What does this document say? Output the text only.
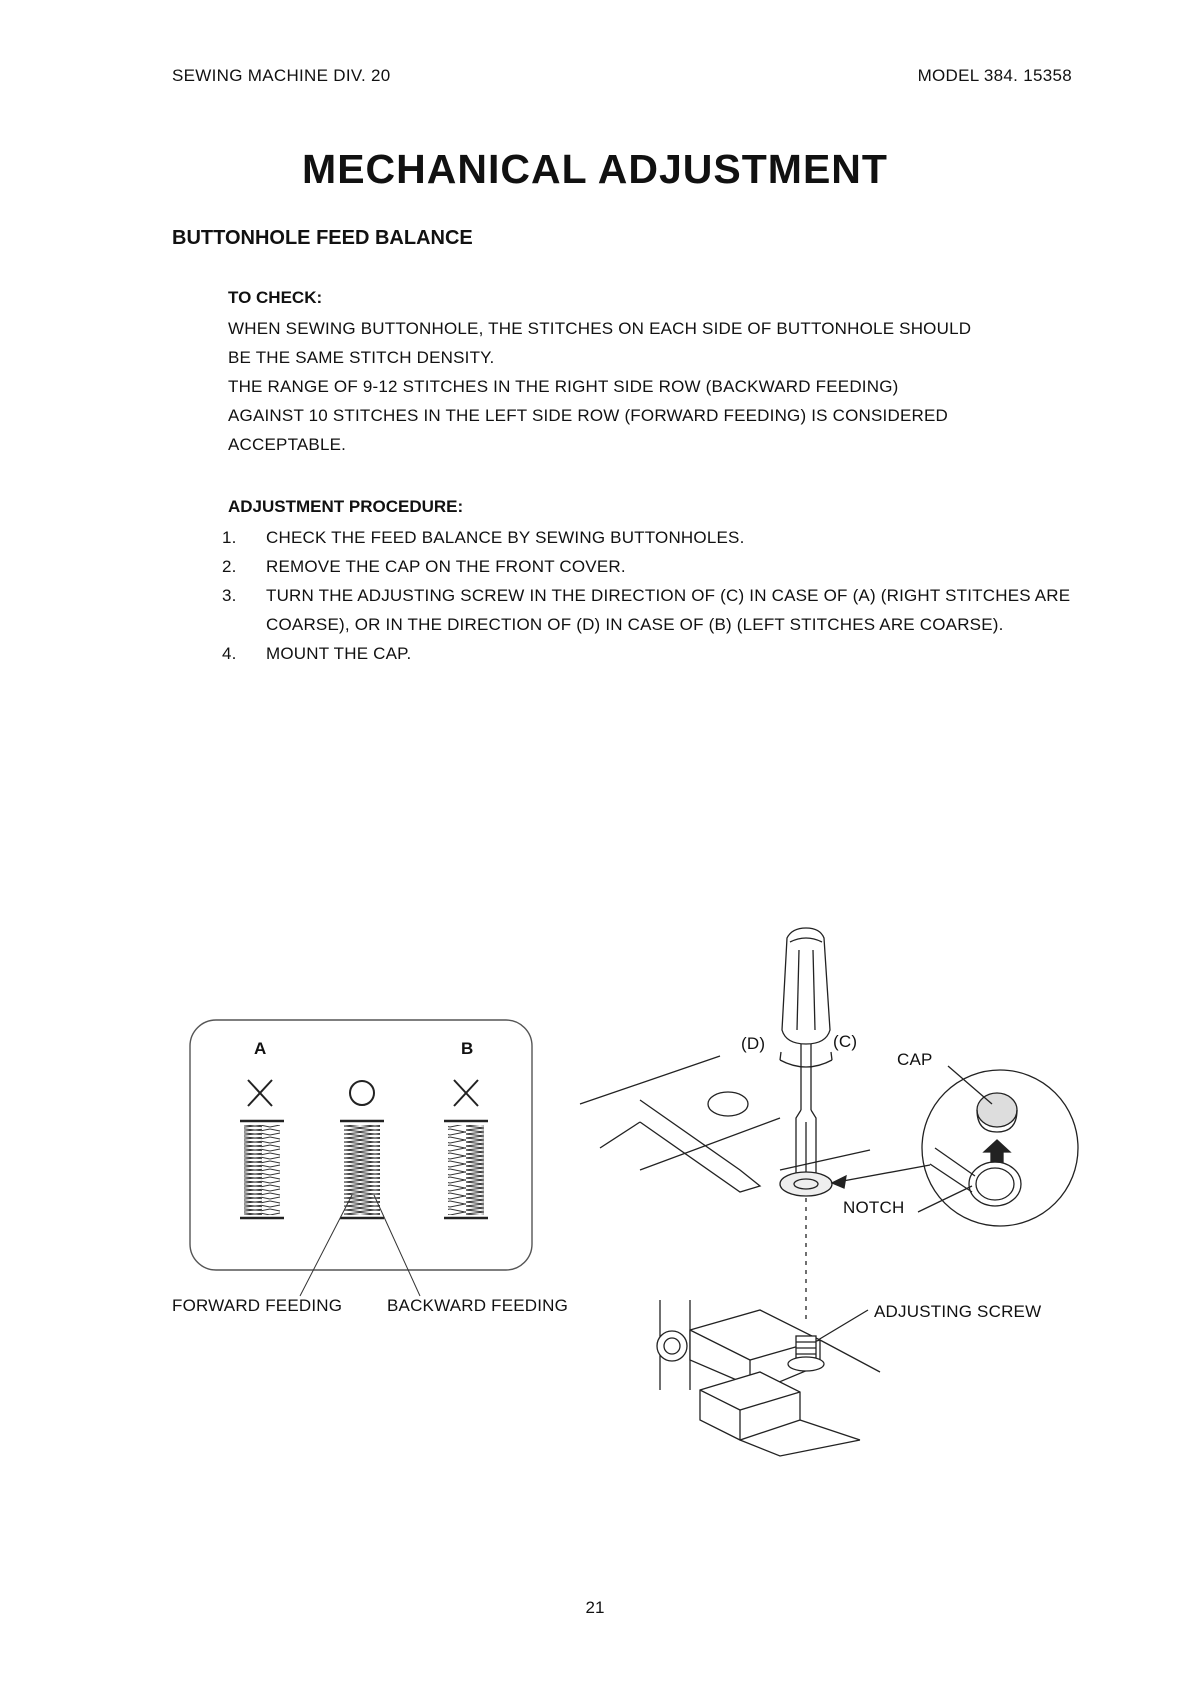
SEWING MACHINE DIV. 20	MODEL 384. 15358
MECHANICAL ADJUSTMENT
BUTTONHOLE FEED BALANCE
TO CHECK:
WHEN SEWING BUTTONHOLE, THE STITCHES ON EACH SIDE OF BUTTONHOLE SHOULD
BE THE SAME STITCH DENSITY.
THE RANGE OF 9-12 STITCHES IN THE RIGHT SIDE ROW (BACKWARD FEEDING)
AGAINST 10 STITCHES IN THE LEFT SIDE ROW (FORWARD FEEDING) IS CONSIDERED
ACCEPTABLE.
ADJUSTMENT PROCEDURE:
1.	CHECK THE FEED BALANCE BY SEWING BUTTONHOLES.
2.	REMOVE THE CAP ON THE FRONT COVER.
3.	TURN THE ADJUSTING SCREW IN THE DIRECTION OF (C) IN CASE OF (A) (RIGHT STITCHES ARE COARSE), OR IN THE DIRECTION OF (D) IN CASE OF (B) (LEFT STITCHES ARE COARSE).
4.	MOUNT THE CAP.
A	B
FORWARD FEEDING	BACKWARD FEEDING
(D)	(C)
CAP
NOTCH
ADJUSTING SCREW
21
